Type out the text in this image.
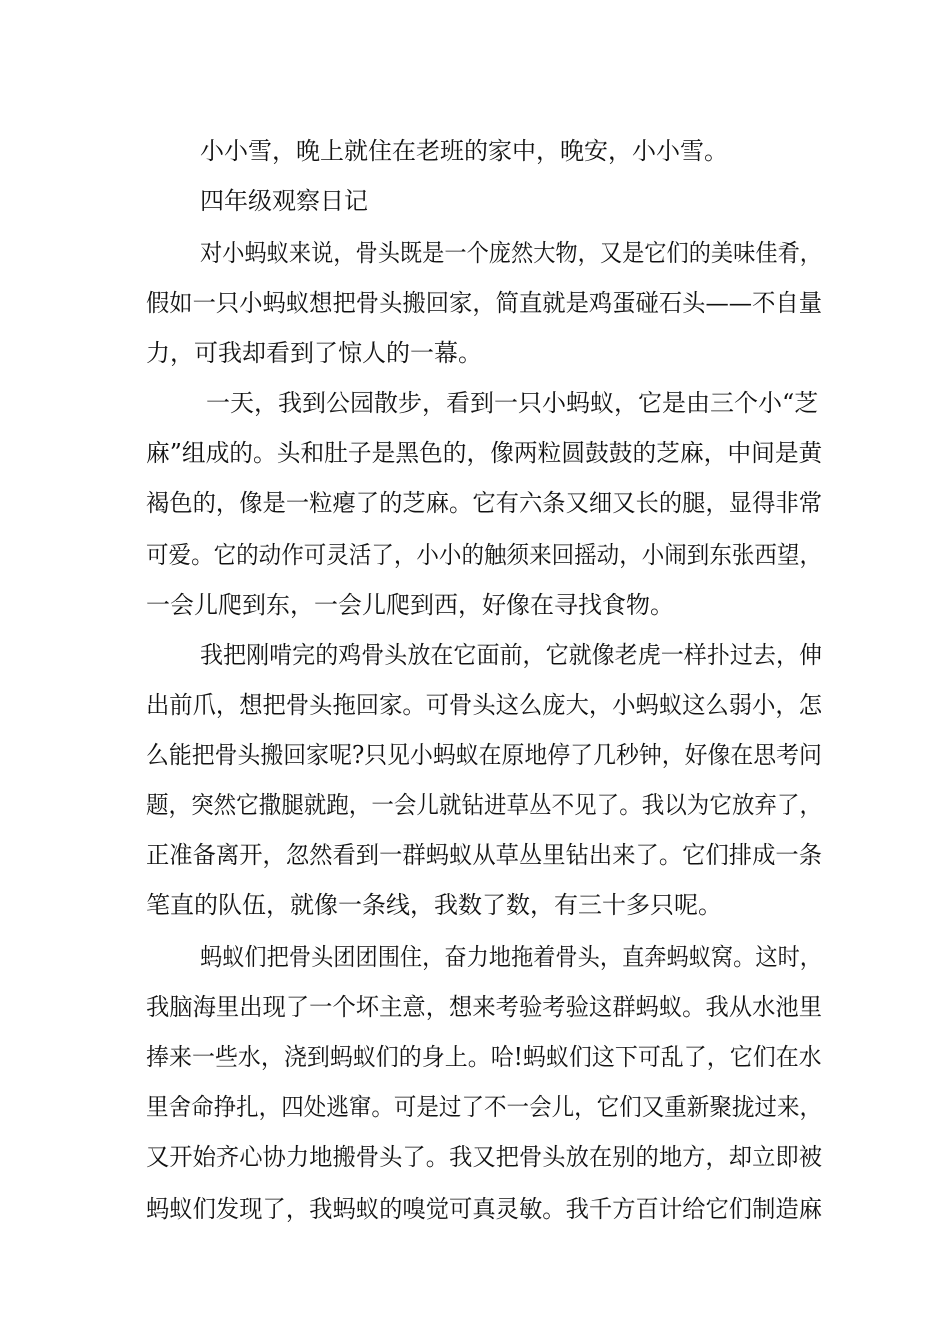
小小雪，晚上就住在老班的家中，晚安，小小雪。
四年级观察日记
对小蚂蚁来说，骨头既是一个庞然大物，又是它们的美味佳肴，
假如一只小蚂蚁想把骨头搬回家，简直就是鸡蛋碰石头——不自量
力，可我却看到了惊人的一幕。
一天，我到公园散步，看到一只小蚂蚁，它是由三个小“芝
麻”组成的。头和肚子是黑色的，像两粒圆鼓鼓的芝麻，中间是黄
褐色的，像是一粒瘪了的芝麻。它有六条又细又长的腿，显得非常
可爱。它的动作可灵活了，小小的触须来回摇动，小闹到东张西望，
一会儿爬到东，一会儿爬到西，好像在寻找食物。
我把刚啃完的鸡骨头放在它面前，它就像老虎一样扑过去，伸
出前爪，想把骨头拖回家。可骨头这么庞大，小蚂蚁这么弱小，怎
么能把骨头搬回家呢?只见小蚂蚁在原地停了几秒钟，好像在思考问
题，突然它撒腿就跑，一会儿就钻进草丛不见了。我以为它放弃了，
正准备离开，忽然看到一群蚂蚁从草丛里钻出来了。它们排成一条
笔直的队伍，就像一条线，我数了数，有三十多只呢。
蚂蚁们把骨头团团围住，奋力地拖着骨头，直奔蚂蚁窝。这时，
我脑海里出现了一个坏主意，想来考验考验这群蚂蚁。我从水池里
捧来一些水，浇到蚂蚁们的身上。哈!蚂蚁们这下可乱了，它们在水
里舍命挣扎，四处逃窜。可是过了不一会儿，它们又重新聚拢过来，
又开始齐心协力地搬骨头了。我又把骨头放在别的地方，却立即被
蚂蚁们发现了，我蚂蚁的嗅觉可真灵敏。我千方百计给它们制造麻
